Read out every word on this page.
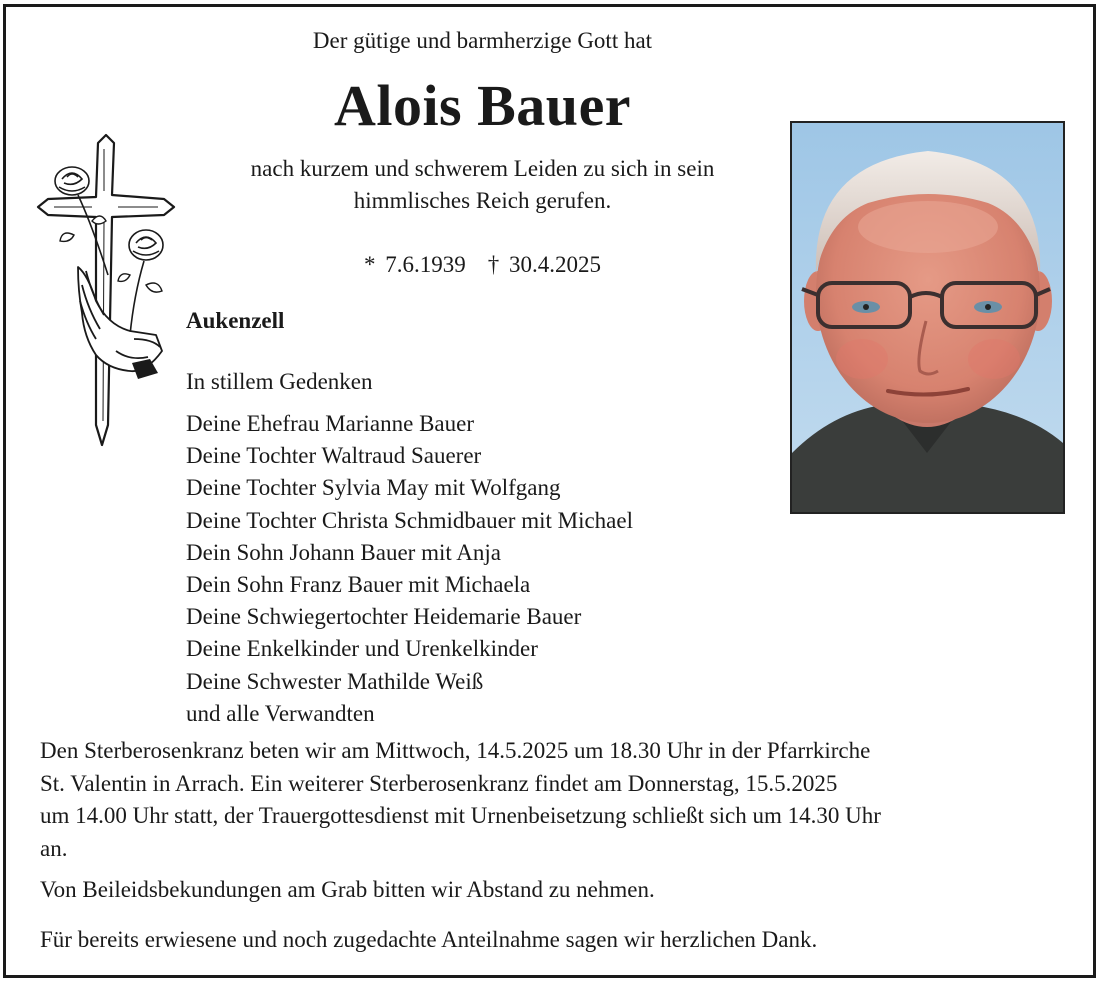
Der gütige und barmherzige Gott hat
Alois Bauer
nach kurzem und schwerem Leiden zu sich in sein
himmlisches Reich gerufen.
* 7.6.1939 † 30.4.2025
Aukenzell
In stillem Gedenken
Deine Ehefrau Marianne Bauer
Deine Tochter Waltraud Sauerer
Deine Tochter Sylvia May mit Wolfgang
Deine Tochter Christa Schmidbauer mit Michael
Dein Sohn Johann Bauer mit Anja
Dein Sohn Franz Bauer mit Michaela
Deine Schwiegertochter Heidemarie Bauer
Deine Enkelkinder und Urenkelkinder
Deine Schwester Mathilde Weiß
und alle Verwandten
Den Sterberosenkranz beten wir am Mittwoch, 14.5.2025 um 18.30 Uhr in der Pfarrkirche
St. Valentin in Arrach. Ein weiterer Sterberosenkranz findet am Donnerstag, 15.5.2025
um 14.00 Uhr statt, der Trauergottesdienst mit Urnenbeisetzung schließt sich um 14.30 Uhr
an.
Von Beileidsbekundungen am Grab bitten wir Abstand zu nehmen.
Für bereits erwiesene und noch zugedachte Anteilnahme sagen wir herzlichen Dank.
